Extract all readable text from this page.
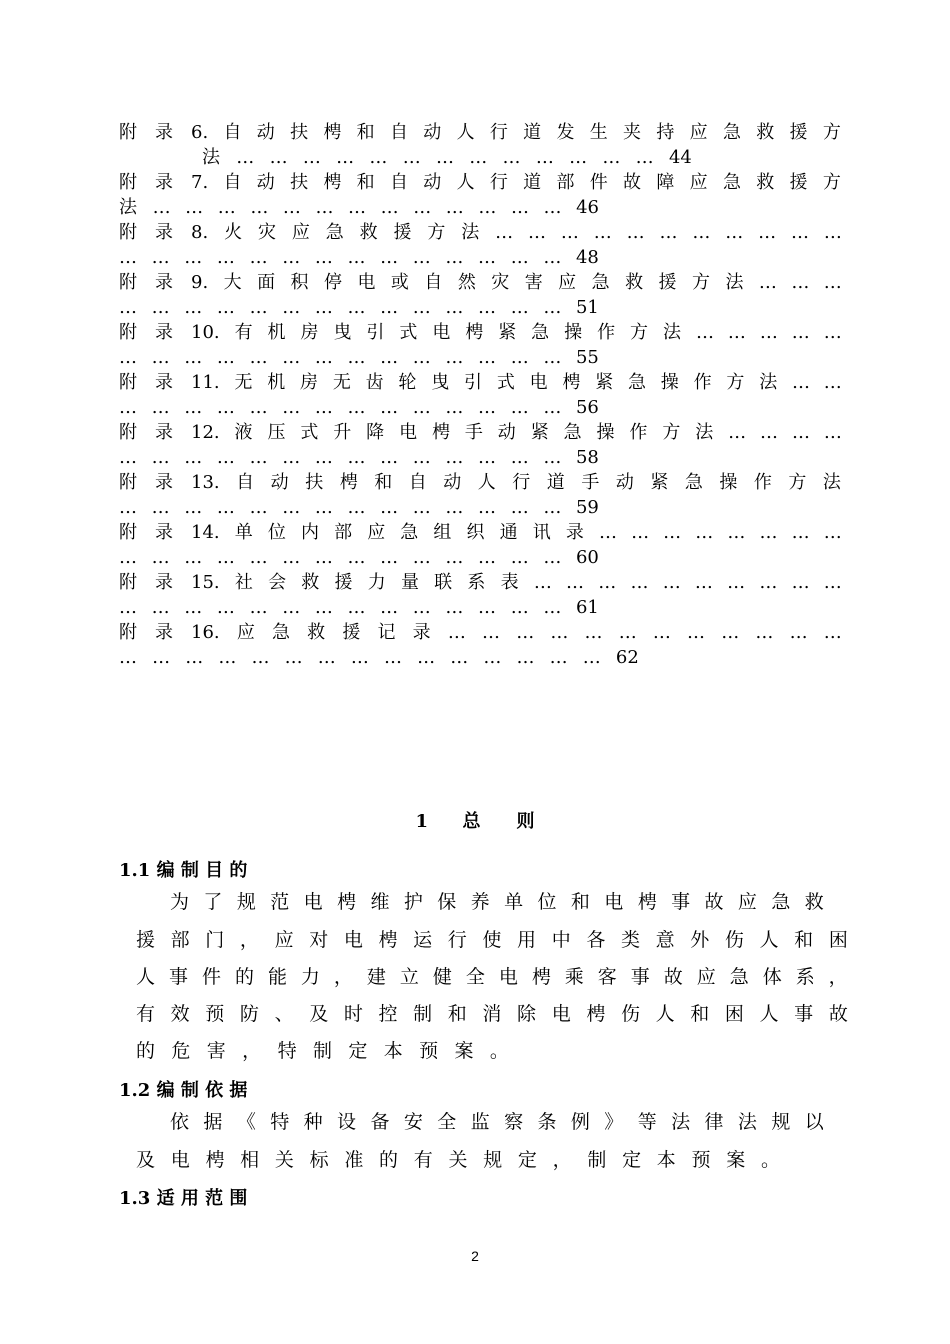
附　录　6. 自 动 扶 梬 和 自 动 人 行 道 发 生 夹 持 应 急 救 援 方
法 … … … … … … … … … … … … … 44
附　录　7. 自 动 扶 梬 和 自 动 人 行 道 部 件 故 障 应 急 救 援 方
法 … … … … … … … … … … … … … 46
附　录　8. 火 灾 应 急 救 援 方 法 … … … … … … … … … … …
… … … … … … … … … … … … … … 48
附　录　9. 大 面 积 停 电 或 自 然 灾 害 应 急 救 援 方 法 … … …
… … … … … … … … … … … … … … 51
附　录　10. 有 机 房 曳 引 式 电 梬 紧 急 操 作 方 法 … … … … …
… … … … … … … … … … … … … … 55
附　录　11. 无 机 房 无 齿 轮 曳 引 式 电 梬 紧 急 操 作 方 法 … …
… … … … … … … … … … … … … … 56
附　录　12. 液 压 式 升 降 电 梬 手 动 紧 急 操 作 方 法 … … … …
… … … … … … … … … … … … … … 58
附　录　13. 自 动 扶 梬 和 自 动 人 行 道 手 动 紧 急 操 作 方 法
… … … … … … … … … … … … … … 59
附　录　14. 单 位 内 部 应 急 组 织 通 讯 录 … … … … … … … …
… … … … … … … … … … … … … … 60
附　录　15. 社 会 救 援 力 量 联 系 表 … … … … … … … … … …
… … … … … … … … … … … … … … 61
附　录　16. 应 急 救 援 记 录 … … … … … … … … … … … …
… … … … … … … … … … … … … … … 62
1 总　　则
1.1 编 制 目 的
为 了 规 范 电 梬 维 护 保 养 单 位 和 电 梬 事 故 应 急 救
援 部 门 ， 应 对 电 梬 运 行 使 用 中 各 类 意 外 伤 人 和 困
人 事 件 的 能 力 ， 建 立 健 全 电 梬 乘 客 事 故 应 急 体 系 ，
有 效 预 防 、 及 时 控 制 和 消 除 电 梬 伤 人 和 困 人 事 故
的 危 害 ， 特 制 定 本 预 案 。
1.2 编 制 依 据
依 据 《 特 种 设 备 安 全 监 察 条 例 》 等 法 律 法 规 以
及 电 梬 相 关 标 准 的 有 关 规 定 ， 制 定 本 预 案 。
1.3 适 用 范 围
2
